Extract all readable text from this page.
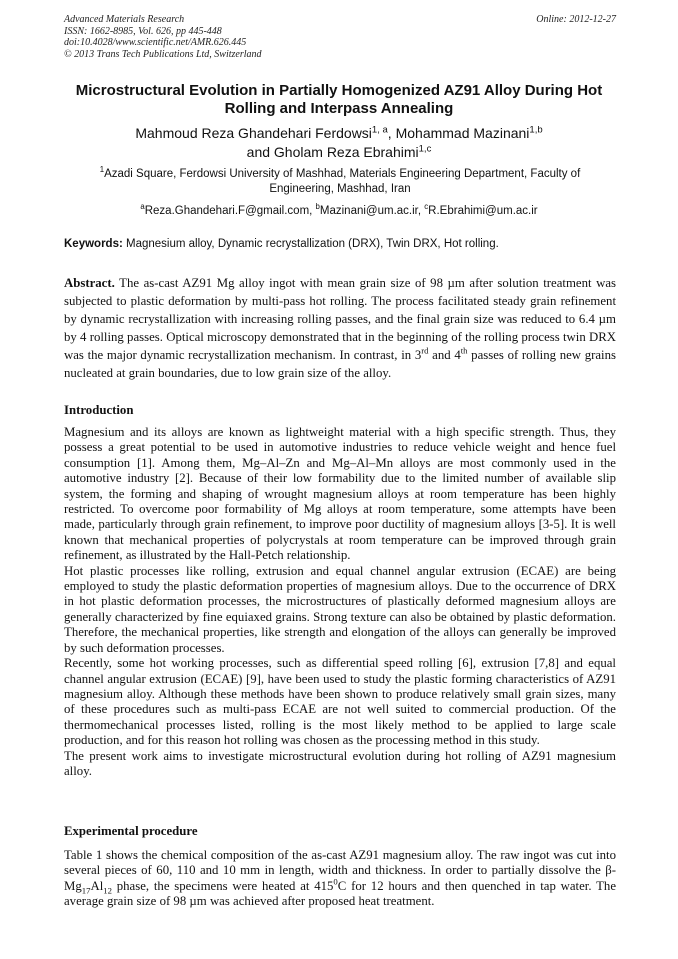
Advanced Materials Research	Online: 2012-12-27
ISSN: 1662-8985, Vol. 626, pp 445-448
doi:10.4028/www.scientific.net/AMR.626.445
© 2013 Trans Tech Publications Ltd, Switzerland
Microstructural Evolution in Partially Homogenized AZ91 Alloy During Hot Rolling and Interpass Annealing
Mahmoud Reza Ghandehari Ferdowsi$^{1, a}$, Mohammad Mazinani$^{1,b}$
and Gholam Reza Ebrahimi$^{1,c}$
$^1$Azadi Square, Ferdowsi University of Mashhad, Materials Engineering Department, Faculty of Engineering, Mashhad, Iran
$^a$Reza.Ghandehari.F@gmail.com, $^b$Mazinani@um.ac.ir, $^c$R.Ebrahimi@um.ac.ir
Keywords: Magnesium alloy, Dynamic recrystallization (DRX), Twin DRX, Hot rolling.
Abstract. The as-cast AZ91 Mg alloy ingot with mean grain size of 98 µm after solution treatment was subjected to plastic deformation by multi-pass hot rolling. The process facilitated steady grain refinement by dynamic recrystallization with increasing rolling passes, and the final grain size was reduced to 6.4 µm by 4 rolling passes. Optical microscopy demonstrated that in the beginning of the rolling process twin DRX was the major dynamic recrystallization mechanism. In contrast, in 3rd and 4th passes of rolling new grains nucleated at grain boundaries, due to low grain size of the alloy.
Introduction

Magnesium and its alloys are known as lightweight material with a high specific strength. Thus, they possess a great potential to be used in automotive industries to reduce vehicle weight and hence fuel consumption [1]. Among them, Mg–Al–Zn and Mg–Al–Mn alloys are most commonly used in the automotive industry [2]. Because of their low formability due to the limited number of available slip system, the forming and shaping of wrought magnesium alloys at room temperature has been highly restricted. To overcome poor formability of Mg alloys at room temperature, some attempts have been made, particularly through grain refinement, to improve poor ductility of magnesium alloys [3-5]. It is well known that mechanical properties of polycrystals at room temperature can be improved through grain refinement, as illustrated by the Hall-Petch relationship.

Hot plastic processes like rolling, extrusion and equal channel angular extrusion (ECAE) are being employed to study the plastic deformation properties of magnesium alloys. Due to the occurrence of DRX in hot plastic deformation processes, the microstructures of plastically deformed magnesium alloys are generally characterized by fine equiaxed grains. Strong texture can also be obtained by plastic deformation. Therefore, the mechanical properties, like strength and elongation of the alloys can generally be improved by such deformation processes.

Recently, some hot working processes, such as differential speed rolling [6], extrusion [7,8] and equal channel angular extrusion (ECAE) [9], have been used to study the plastic forming characteristics of AZ91 magnesium alloy. Although these methods have been shown to produce relatively small grain sizes, many of these procedures such as multi-pass ECAE are not well suited to commercial production. Of the thermomechanical processes listed, rolling is the most likely method to be applied to large scale production, and for this reason hot rolling was chosen as the processing method in this study.

The present work aims to investigate microstructural evolution during hot rolling of AZ91 magnesium alloy.

Experimental procedure

Table 1 shows the chemical composition of the as-cast AZ91 magnesium alloy. The raw ingot was cut into several pieces of 60, 110 and 10 mm in length, width and thickness. In order to partially dissolve the $\beta-Mg_{17}Al_{12}$ phase, the specimens were heated at $415^0C$ for 12 hours and then quenched in tap water. The average grain size of 98 µm was achieved after proposed heat treatment.
